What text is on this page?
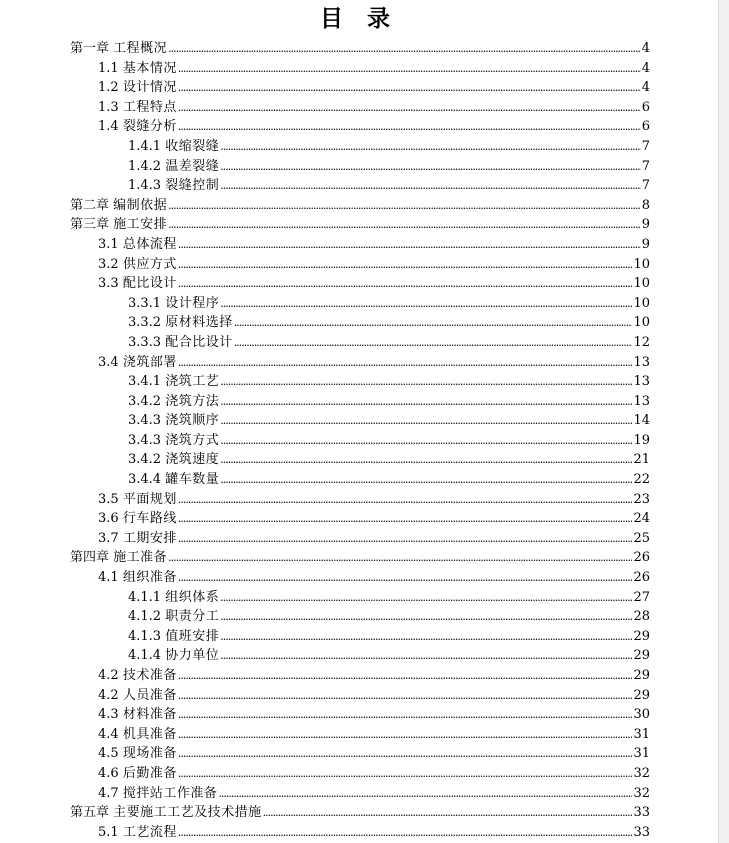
目 录
第一章 工程概况 .....	4
1.1 基本情况 .....	4
1.2 设计情况 .....	4
1.3 工程特点 .....	6
1.4 裂缝分析 .....	6
1.4.1 收缩裂缝 .....	7
1.4.2 温差裂缝 .....	7
1.4.3 裂缝控制 .....	7
第二章 编制依据 .....	8
第三章 施工安排 .....	9
3.1 总体流程 .....	9
3.2 供应方式 .....	10
3.3 配比设计 .....	10
3.3.1 设计程序 .....	10
3.3.2 原材料选择 .....	10
3.3.3 配合比设计 .....	12
3.4 浇筑部署 .....	13
3.4.1 浇筑工艺 .....	13
3.4.2 浇筑方法 .....	13
3.4.3 浇筑顺序 .....	14
3.4.3 浇筑方式 .....	19
3.4.2 浇筑速度 .....	21
3.4.4 罐车数量 .....	22
3.5 平面规划 .....	23
3.6 行车路线 .....	24
3.7 工期安排 .....	25
第四章 施工准备 .....	26
4.1 组织准备 .....	26
4.1.1 组织体系 .....	27
4.1.2 职责分工 .....	28
4.1.3 值班安排 .....	29
4.1.4 协力单位 .....	29
4.2 技术准备 .....	29
4.2 人员准备 .....	29
4.3 材料准备 .....	30
4.4 机具准备 .....	31
4.5 现场准备 .....	31
4.6 后勤准备 .....	32
4.7 搅拌站工作准备 .....	32
第五章 主要施工工艺及技术措施 .....	33
5.1 工艺流程 .....	33
